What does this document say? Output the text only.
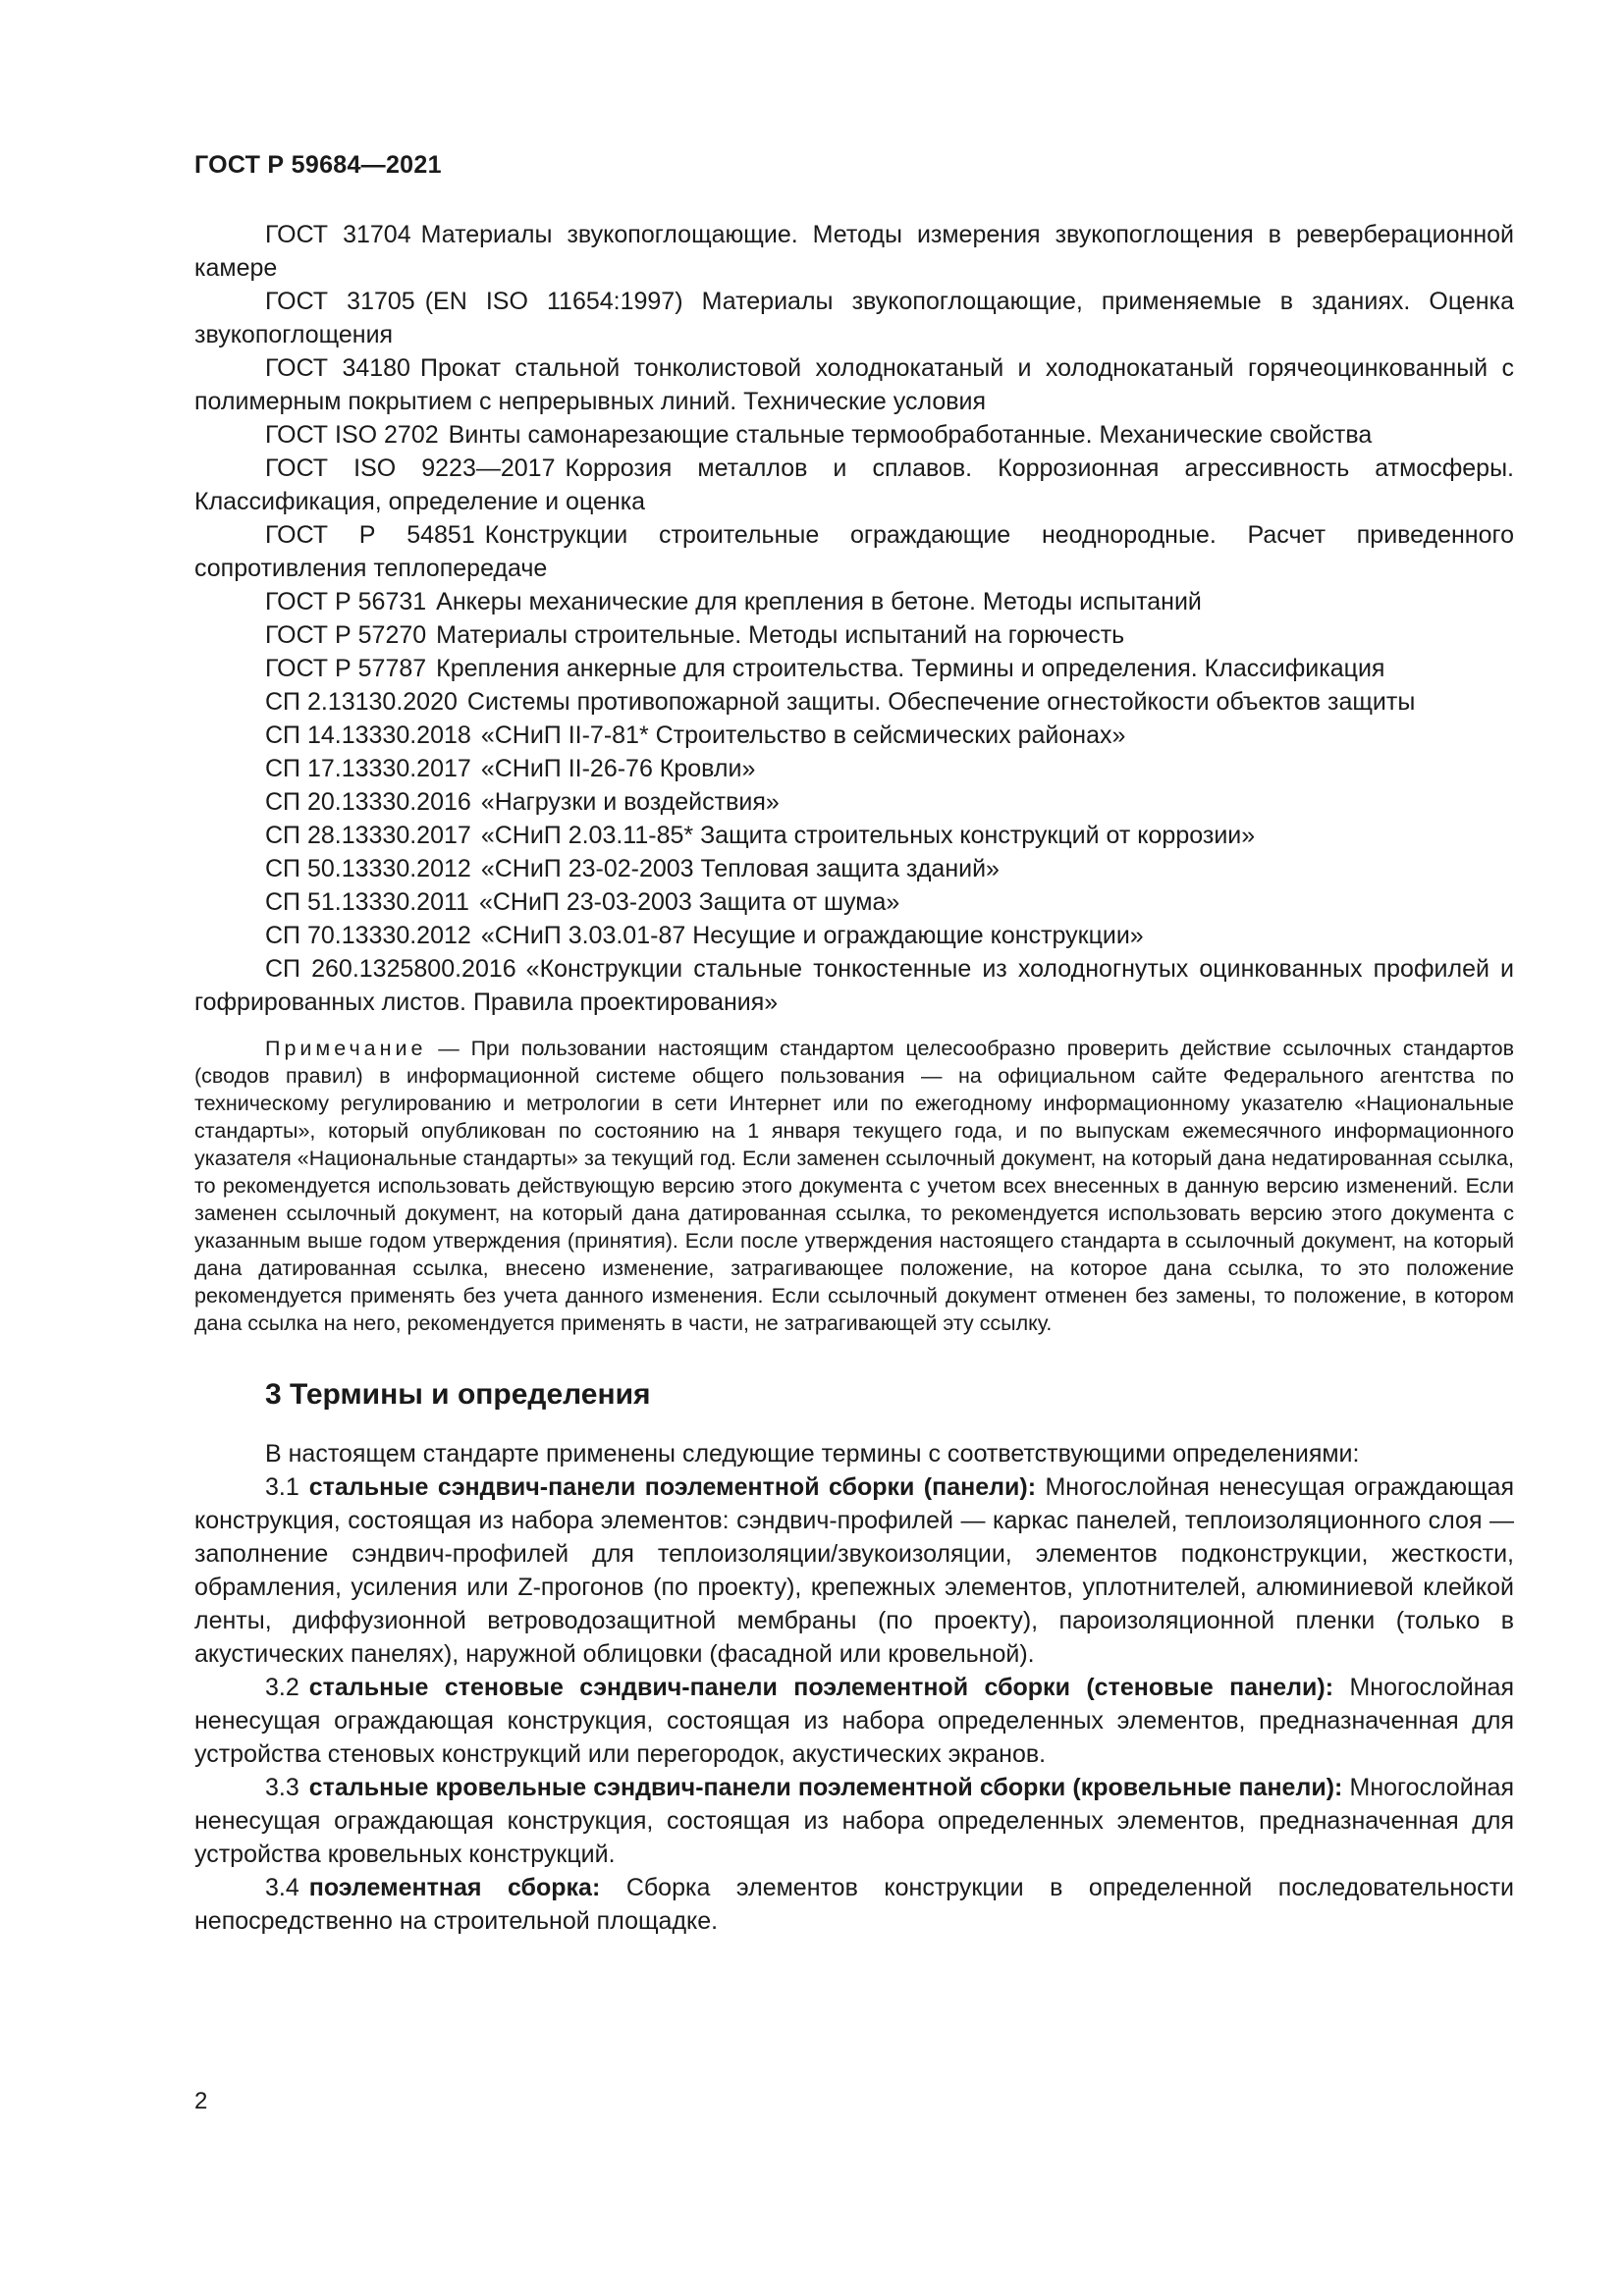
ГОСТ Р 59684—2021

ГОСТ 31704 Материалы звукопоглощающие. Методы измерения звукопоглощения в реверберационной камере

ГОСТ 31705 (EN ISO 11654:1997) Материалы звукопоглощающие, применяемые в зданиях. Оценка звукопоглощения

ГОСТ 34180 Прокат стальной тонколистовой холоднокатаный и холоднокатаный горячеоцинкованный с полимерным покрытием с непрерывных линий. Технические условия

ГОСТ ISO 2702 Винты самонарезающие стальные термообработанные. Механические свойства

ГОСТ ISO 9223—2017 Коррозия металлов и сплавов. Коррозионная агрессивность атмосферы. Классификация, определение и оценка

ГОСТ Р 54851 Конструкции строительные ограждающие неоднородные. Расчет приведенного сопротивления теплопередаче

ГОСТ Р 56731 Анкеры механические для крепления в бетоне. Методы испытаний

ГОСТ Р 57270 Материалы строительные. Методы испытаний на горючесть

ГОСТ Р 57787 Крепления анкерные для строительства. Термины и определения. Классификация

СП 2.13130.2020 Системы противопожарной защиты. Обеспечение огнестойкости объектов защиты

СП 14.13330.2018 «СНиП II-7-81* Строительство в сейсмических районах»

СП 17.13330.2017 «СНиП II-26-76 Кровли»

СП 20.13330.2016 «Нагрузки и воздействия»

СП 28.13330.2017 «СНиП 2.03.11-85* Защита строительных конструкций от коррозии»

СП 50.13330.2012 «СНиП 23-02-2003 Тепловая защита зданий»

СП 51.13330.2011 «СНиП 23-03-2003 Защита от шума»

СП 70.13330.2012 «СНиП 3.03.01-87 Несущие и ограждающие конструкции»

СП 260.1325800.2016 «Конструкции стальные тонкостенные из холодногнутых оцинкованных профилей и гофрированных листов. Правила проектирования»

Примечание — При пользовании настоящим стандартом целесообразно проверить действие ссылочных стандартов (сводов правил) в информационной системе общего пользования — на официальном сайте Федерального агентства по техническому регулированию и метрологии в сети Интернет или по ежегодному информационному указателю «Национальные стандарты», который опубликован по состоянию на 1 января текущего года, и по выпускам ежемесячного информационного указателя «Национальные стандарты» за текущий год. Если заменен ссылочный документ, на который дана недатированная ссылка, то рекомендуется использовать действующую версию этого документа с учетом всех внесенных в данную версию изменений. Если заменен ссылочный документ, на который дана датированная ссылка, то рекомендуется использовать версию этого документа с указанным выше годом утверждения (принятия). Если после утверждения настоящего стандарта в ссылочный документ, на который дана датированная ссылка, внесено изменение, затрагивающее положение, на которое дана ссылка, то это положение рекомендуется применять без учета данного изменения. Если ссылочный документ отменен без замены, то положение, в котором дана ссылка на него, рекомендуется применять в части, не затрагивающей эту ссылку.

3 Термины и определения

В настоящем стандарте применены следующие термины с соответствующими определениями:

3.1 стальные сэндвич-панели поэлементной сборки (панели): Многослойная ненесущая ограждающая конструкция, состоящая из набора элементов: сэндвич-профилей — каркас панелей, теплоизоляционного слоя — заполнение сэндвич-профилей для теплоизоляции/звукоизоляции, элементов подконструкции, жесткости, обрамления, усиления или Z-прогонов (по проекту), крепежных элементов, уплотнителей, алюминиевой клейкой ленты, диффузионной ветроводозащитной мембраны (по проекту), пароизоляционной пленки (только в акустических панелях), наружной облицовки (фасадной или кровельной).

3.2 стальные стеновые сэндвич-панели поэлементной сборки (стеновые панели): Многослойная ненесущая ограждающая конструкция, состоящая из набора определенных элементов, предназначенная для устройства стеновых конструкций или перегородок, акустических экранов.

3.3 стальные кровельные сэндвич-панели поэлементной сборки (кровельные панели): Многослойная ненесущая ограждающая конструкция, состоящая из набора определенных элементов, предназначенная для устройства кровельных конструкций.

3.4 поэлементная сборка: Сборка элементов конструкции в определенной последовательности непосредственно на строительной площадке.

2
